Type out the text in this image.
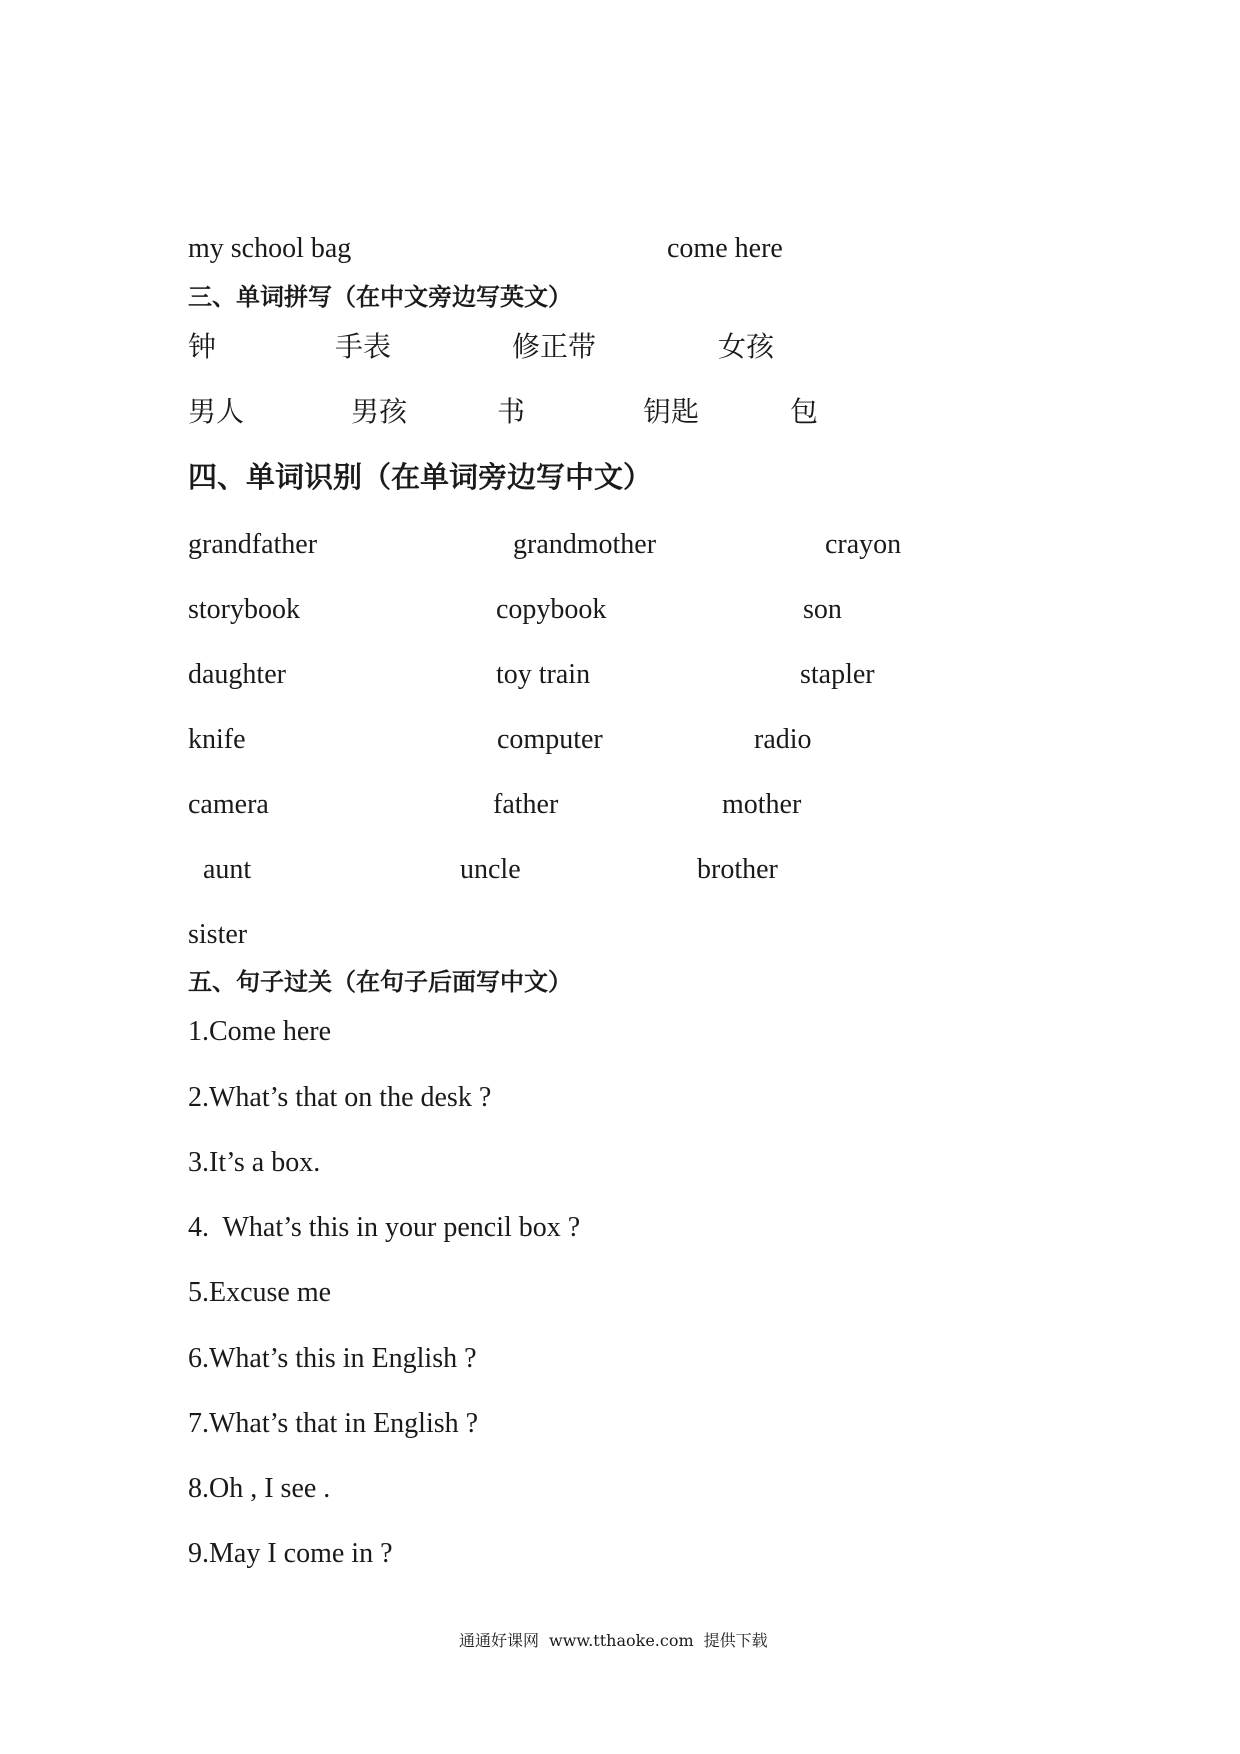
my school bag	come here
三、单词拼写（在中文旁边写英文）
钟	手表	修正带	女孩
男人	男孩	书	钥匙	包
四、单词识别（在单词旁边写中文）
grandfather	grandmother	crayon
storybook	copybook	son
daughter	toy train	stapler
knife	computer	radio
camera	father	mother
aunt	uncle	brother
sister
五、句子过关（在句子后面写中文）
1.Come here
2.What’s that on the desk ?
3.It’s a box.
4.  What’s this in your pencil box ?
5.Excuse me
6.What’s this in English ?
7.What’s that in English ?
8.Oh , I see .
9.May I come in ?
通通好课网 www.tthaoke.com 提供下载
